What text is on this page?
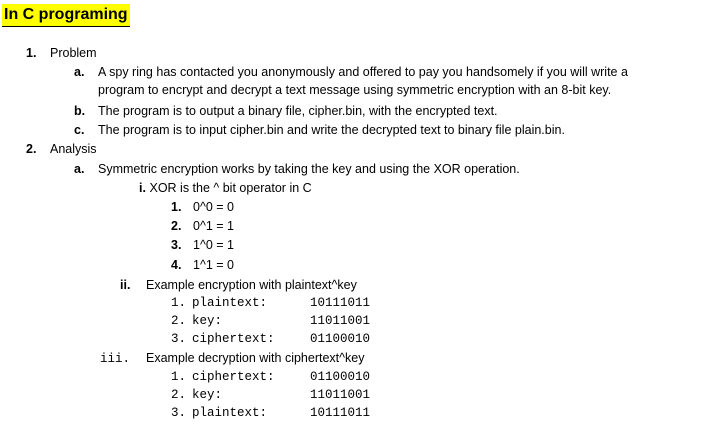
In C programing
1. Problem
a. A spy ring has contacted you anonymously and offered to pay you handsomely if you will write a
program to encrypt and decrypt a text message using symmetric encryption with an 8-bit key.
b. The program is to output a binary file, cipher.bin, with the encrypted text.
c. The program is to input cipher.bin and write the decrypted text to binary file plain.bin.
2. Analysis
a. Symmetric encryption works by taking the key and using the XOR operation.
i. XOR is the ^ bit operator in C
1. 0^0 = 0
2. 0^1 = 1
3. 1^0 = 1
4. 1^1 = 0
ii. Example encryption with plaintext^key
1. plaintext:	10111011
2. key:	11011001
3. ciphertext:	01100010
iii. Example decryption with ciphertext^key
1. ciphertext:	01100010
2. key:	11011001
3. plaintext:	10111011
